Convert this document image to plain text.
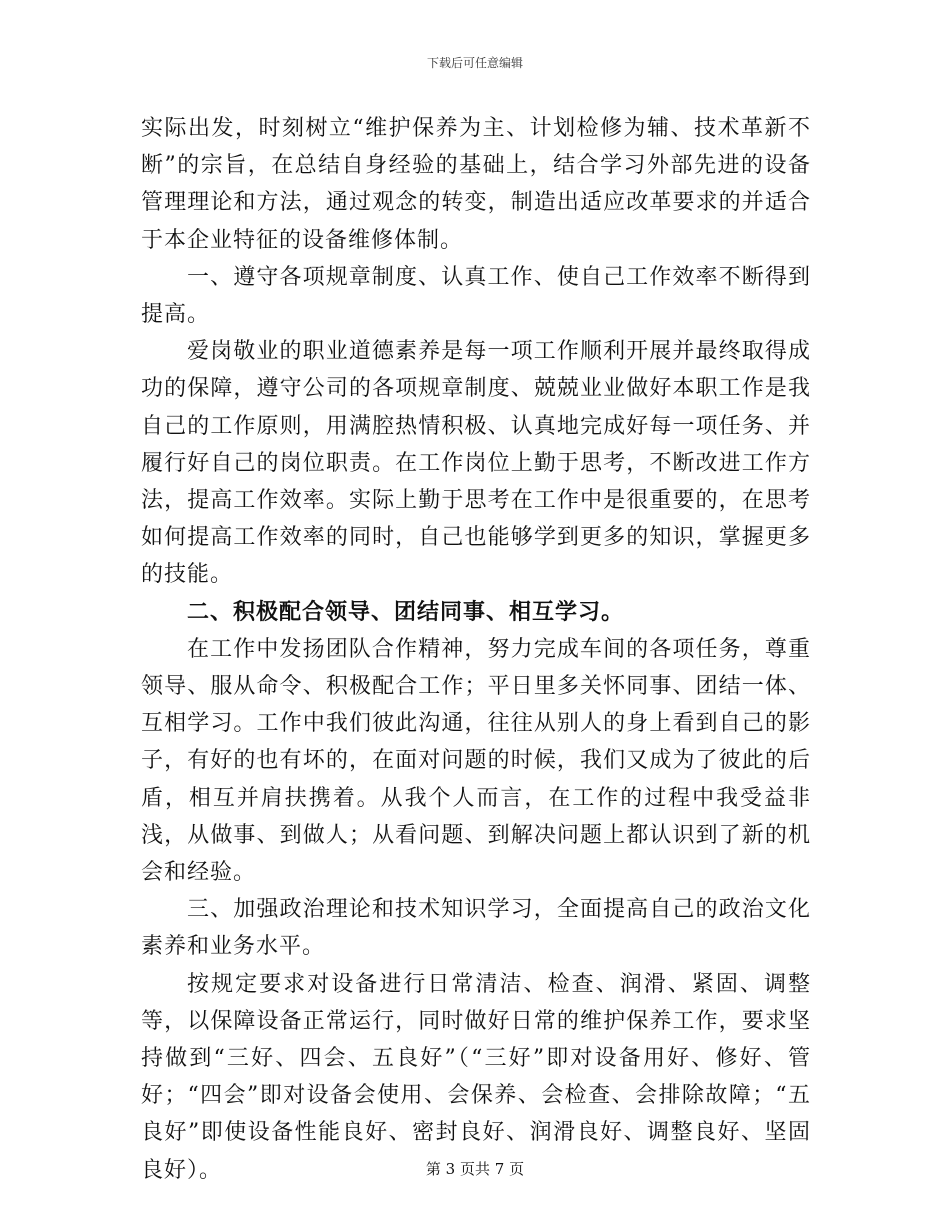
下载后可任意编辑

实际出发，时刻树立“维护保养为主、计划检修为辅、技术革新不断”的宗旨，在总结自身经验的基础上，结合学习外部先进的设备管理理论和方法，通过观念的转变，制造出适应改革要求的并适合于本企业特征的设备维修体制。

一、遵守各项规章制度、认真工作、使自己工作效率不断得到提高。

爱岗敬业的职业道德素养是每一项工作顺利开展并最终取得成功的保障，遵守公司的各项规章制度、兢兢业业做好本职工作是我自己的工作原则，用满腔热情积极、认真地完成好每一项任务、并履行好自己的岗位职责。在工作岗位上勤于思考，不断改进工作方法，提高工作效率。实际上勤于思考在工作中是很重要的，在思考如何提高工作效率的同时，自己也能够学到更多的知识，掌握更多的技能。

二、积极配合领导、团结同事、相互学习。

在工作中发扬团队合作精神，努力完成车间的各项任务，尊重领导、服从命令、积极配合工作；平日里多关怀同事、团结一体、互相学习。工作中我们彼此沟通，往往从别人的身上看到自己的影子，有好的也有坏的，在面对问题的时候，我们又成为了彼此的后盾，相互并肩扶携着。从我个人而言，在工作的过程中我受益非浅，从做事、到做人；从看问题、到解决问题上都认识到了新的机会和经验。

三、加强政治理论和技术知识学习，全面提高自己的政治文化素养和业务水平。

按规定要求对设备进行日常清洁、检查、润滑、紧固、调整等，以保障设备正常运行，同时做好日常的维护保养工作，要求坚持做到“三好、四会、五良好”（“三好”即对设备用好、修好、管好；“四会”即对设备会使用、会保养、会检查、会排除故障；“五良好”即使设备性能良好、密封良好、润滑良好、调整良好、坚固良好）。	第 3 页共 7 页
